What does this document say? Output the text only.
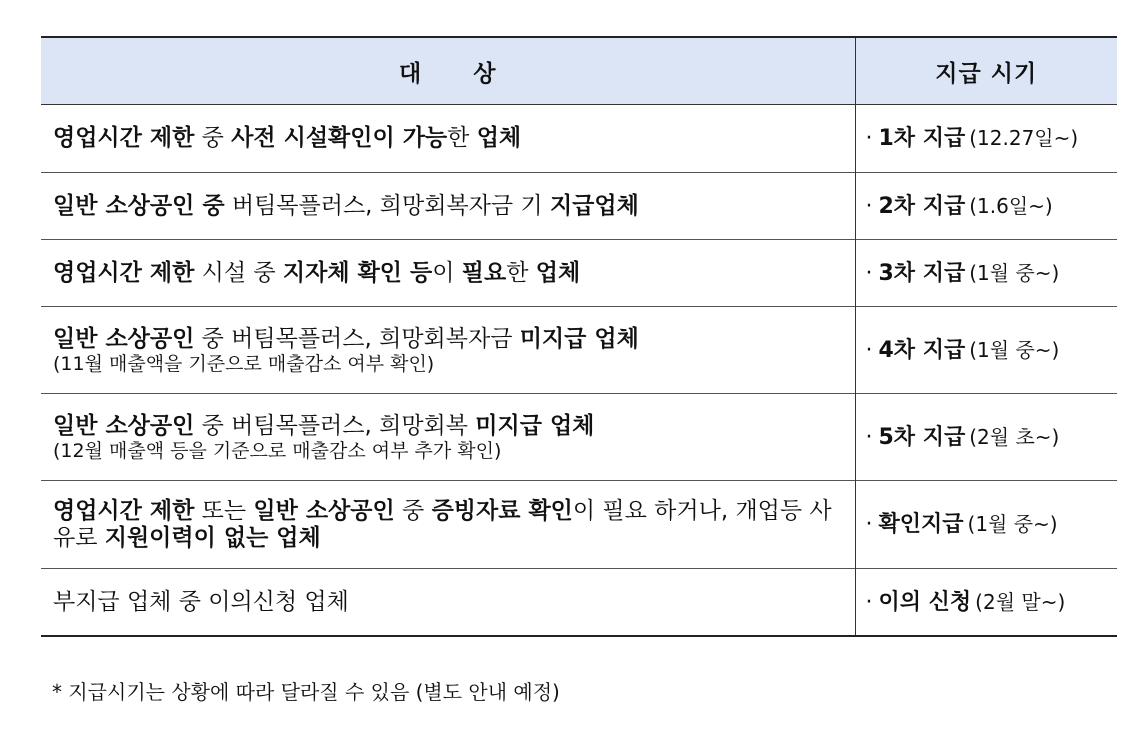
대 상	지급 시기
영업시간 제한 중 사전 시설확인이 가능한 업체	· 1차 지급 (12.27일~)
일반 소상공인 중 버팀목플러스, 희망회복자금 기 지급업체	· 2차 지급 (1.6일~)
영업시간 제한 시설 중 지자체 확인 등이 필요한 업체	· 3차 지급 (1월 중~)
일반 소상공인 중 버팀목플러스, 희망회복자금 미지급 업체
(11월 매출액을 기준으로 매출감소 여부 확인)	· 4차 지급 (1월 중~)
일반 소상공인 중 버팀목플러스, 희망회복 미지급 업체
(12월 매출액 등을 기준으로 매출감소 여부 추가 확인)	· 5차 지급 (2월 초~)
영업시간 제한 또는 일반 소상공인 중 증빙자료 확인이 필요 하거나, 개업등 사유로 지원이력이 없는 업체	· 확인지급 (1월 중~)
부지급 업체 중 이의신청 업체	· 이의 신청 (2월 말~)
* 지급시기는 상황에 따라 달라질 수 있음 (별도 안내 예정)
